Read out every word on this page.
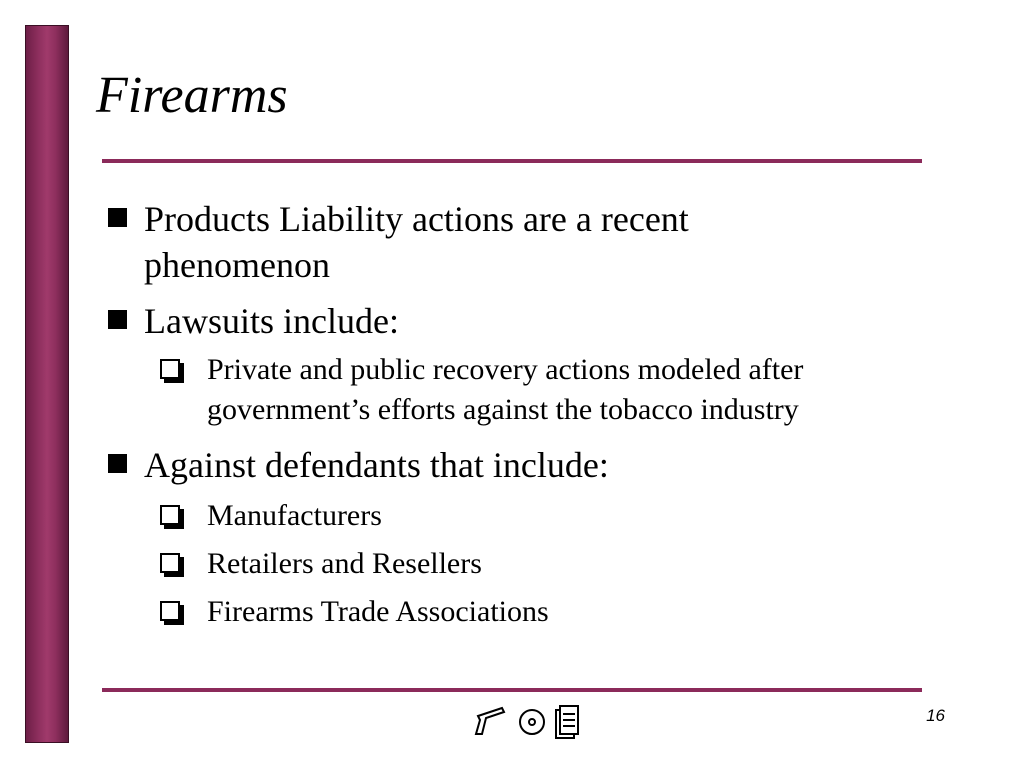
Firearms
Products Liability actions are a recent phenomenon
Lawsuits include:
Private and public recovery actions modeled after government’s efforts against the tobacco industry
Against defendants that include:
Manufacturers
Retailers and Resellers
Firearms Trade Associations
16
